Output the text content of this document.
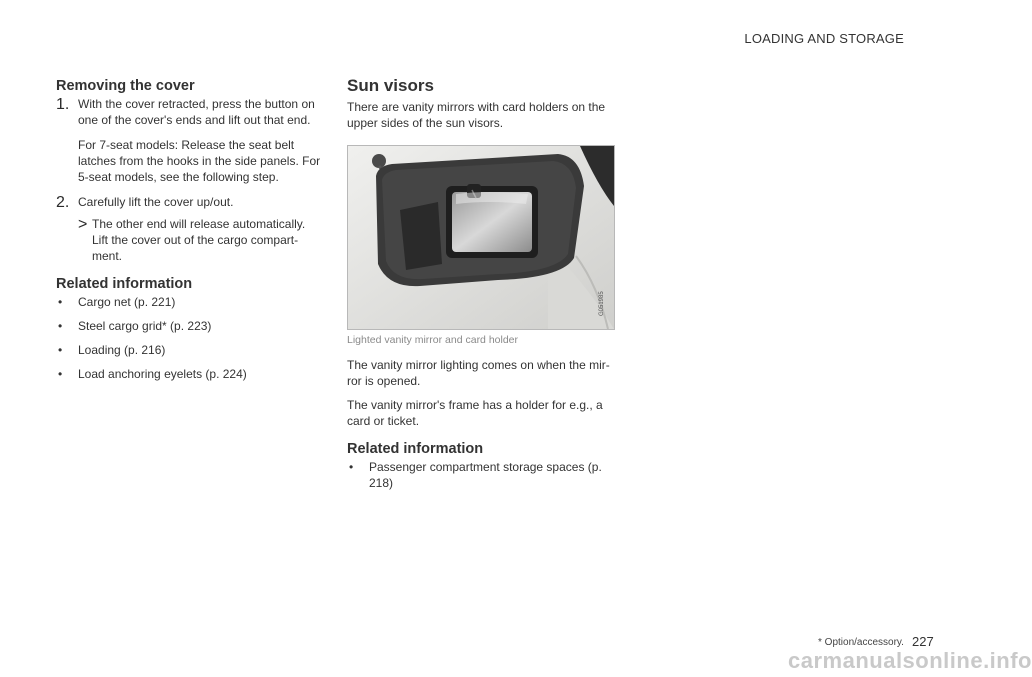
LOADING AND STORAGE
Removing the cover
1. With the cover retracted, press the button on one of the cover's ends and lift out that end.

For 7-seat models: Release the seat belt latches from the hooks in the side panels. For 5-seat models, see the following step.

2. Carefully lift the cover up/out.

> The other end will release automatically. Lift the cover out of the cargo compart-ment.

Related information
• Cargo net (p. 221)
• Steel cargo grid* (p. 223)
• Loading (p. 216)
• Load anchoring eyelets (p. 224)
Sun visors

There are vanity mirrors with card holders on the upper sides of the sun visors.

G051985
Lighted vanity mirror and card holder

The vanity mirror lighting comes on when the mir-ror is opened.

The vanity mirror's frame has a holder for e.g., a card or ticket.

Related information
• Passenger compartment storage spaces (p. 218)
* Option/accessory. 227
carmanualsonline.info
